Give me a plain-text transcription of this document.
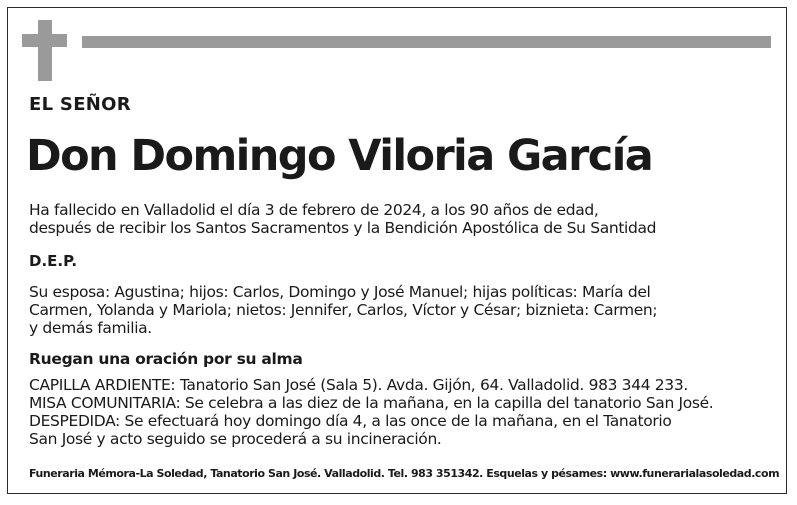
EL SEÑOR
Don Domingo Viloria García
Ha fallecido en Valladolid el día 3 de febrero de 2024, a los 90 años de edad,
después de recibir los Santos Sacramentos y la Bendición Apostólica de Su Santidad
D.E.P.
Su esposa: Agustina; hijos: Carlos, Domingo y José Manuel; hijas políticas: María del
Carmen, Yolanda y Mariola; nietos: Jennifer, Carlos, Víctor y César; biznieta: Carmen;
y demás familia.
Ruegan una oración por su alma
CAPILLA ARDIENTE: Tanatorio San José (Sala 5). Avda. Gijón, 64. Valladolid. 983 344 233.
MISA COMUNITARIA: Se celebra a las diez de la mañana, en la capilla del tanatorio San José.
DESPEDIDA: Se efectuará hoy domingo día 4, a las once de la mañana, en el Tanatorio
San José y acto seguido se procederá a su incineración.
Funeraria Mémora-La Soledad, Tanatorio San José. Valladolid. Tel. 983 351342. Esquelas y pésames: www.funerarialasoledad.com
